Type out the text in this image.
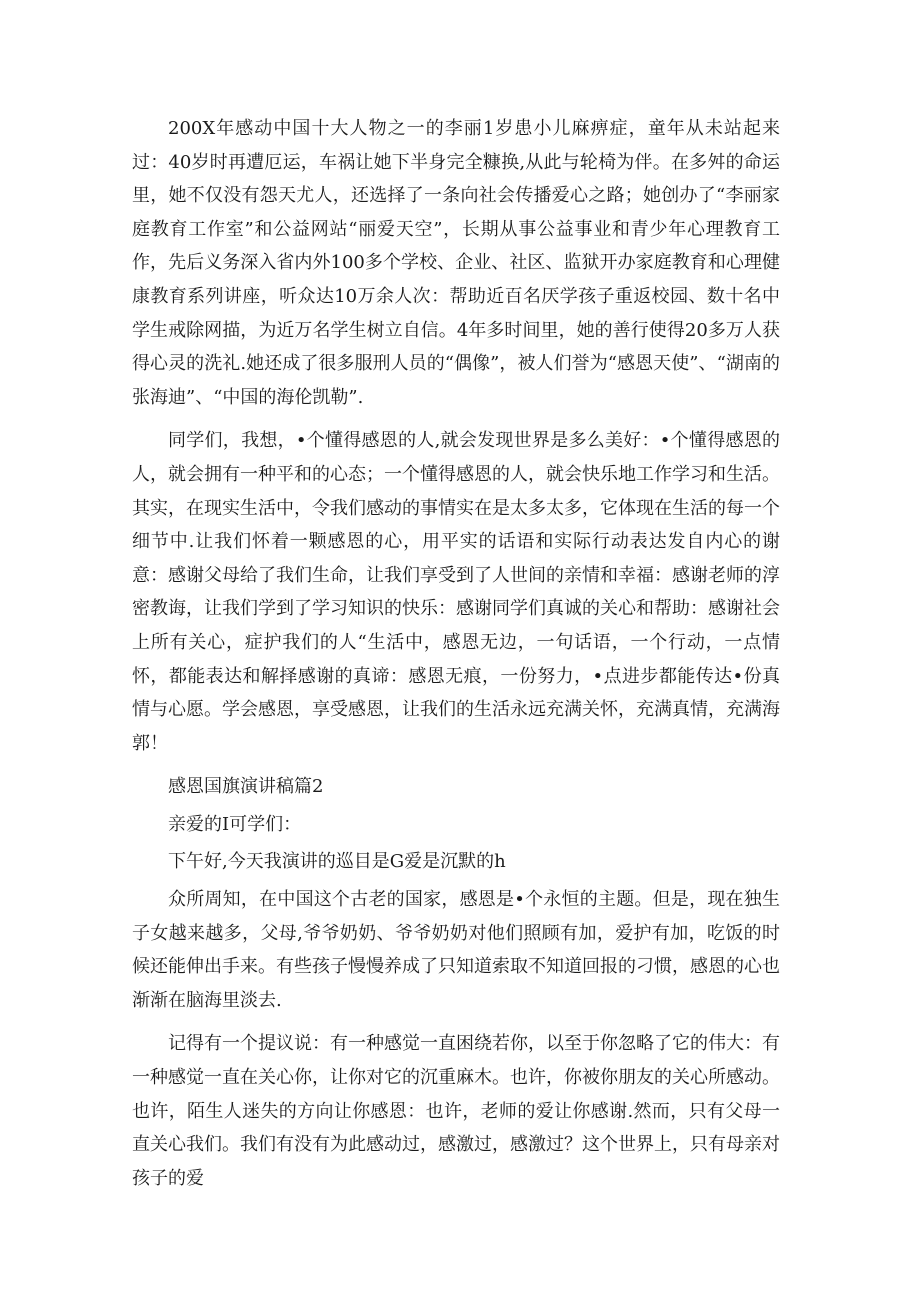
200X年感动中国十大人物之一的李丽1岁患小儿麻痹症，童年从未站起来过：40岁时再遭厄运，车祸让她下半身完全糠换,从此与轮椅为伴。在多舛的命运里，她不仅没有怨天尤人，还选择了一条向社会传播爱心之路；她创办了“李丽家庭教育工作室”和公益网站“丽爱天空”，长期从事公益事业和青少年心理教育工作，先后义务深入省内外100多个学校、企业、社区、监狱开办家庭教育和心理健康教育系列讲座，听众达10万余人次：帮助近百名厌学孩子重返校园、数十名中学生戒除网描，为近万名学生树立自信。4年多时间里，她的善行使得20多万人获得心灵的洗礼.她还成了很多服刑人员的“偶像”，被人们誉为“感恩天使”、“湖南的张海迪”、“中国的海伦凯勒”.

同学们，我想，•个懂得感恩的人,就会发现世界是多么美好：•个懂得感恩的人，就会拥有一种平和的心态；一个懂得感恩的人，就会快乐地工作学习和生活。其实，在现实生活中，令我们感动的事情实在是太多太多，它体现在生活的每一个细节中.让我们怀着一颗感恩的心，用平实的话语和实际行动表达发自内心的谢意：感谢父母给了我们生命，让我们享受到了人世间的亲情和幸福：感谢老师的淳密教诲，让我们学到了学习知识的快乐：感谢同学们真诚的关心和帮助：感谢社会上所有关心，症护我们的人“生活中，感恩无边，一句话语，一个行动，一点情怀，都能表达和解择感谢的真谛：感恩无痕，一份努力，•点进步都能传达•份真情与心愿。学会感恩，享受感恩，让我们的生活永远充满关怀，充满真情，充满海郭！

感恩国旗演讲稿篇2

亲爱的I可学们：

下午好,今天我演讲的巡目是G爱是沉默的h

众所周知，在中国这个古老的国家，感恩是•个永恒的主题。但是，现在独生子女越来越多，父母,爷爷奶奶、爷爷奶奶对他们照顾有加，爱护有加，吃饭的时候还能伸出手来。有些孩子慢慢养成了只知道索取不知道回报的刁惯，感恩的心也渐渐在脑海里淡去.

记得有一个提议说：有一种感觉一直困绕若你，以至于你忽略了它的伟大：有一种感觉一直在关心你，让你对它的沉重麻木。也许，你被你朋友的关心所感动。也许，陌生人迷失的方向让你感恩：也许，老师的爱让你感谢.然而，只有父母一直关心我们。我们有没有为此感动过，感激过，感激过？这个世界上，只有母亲对孩子的爱
